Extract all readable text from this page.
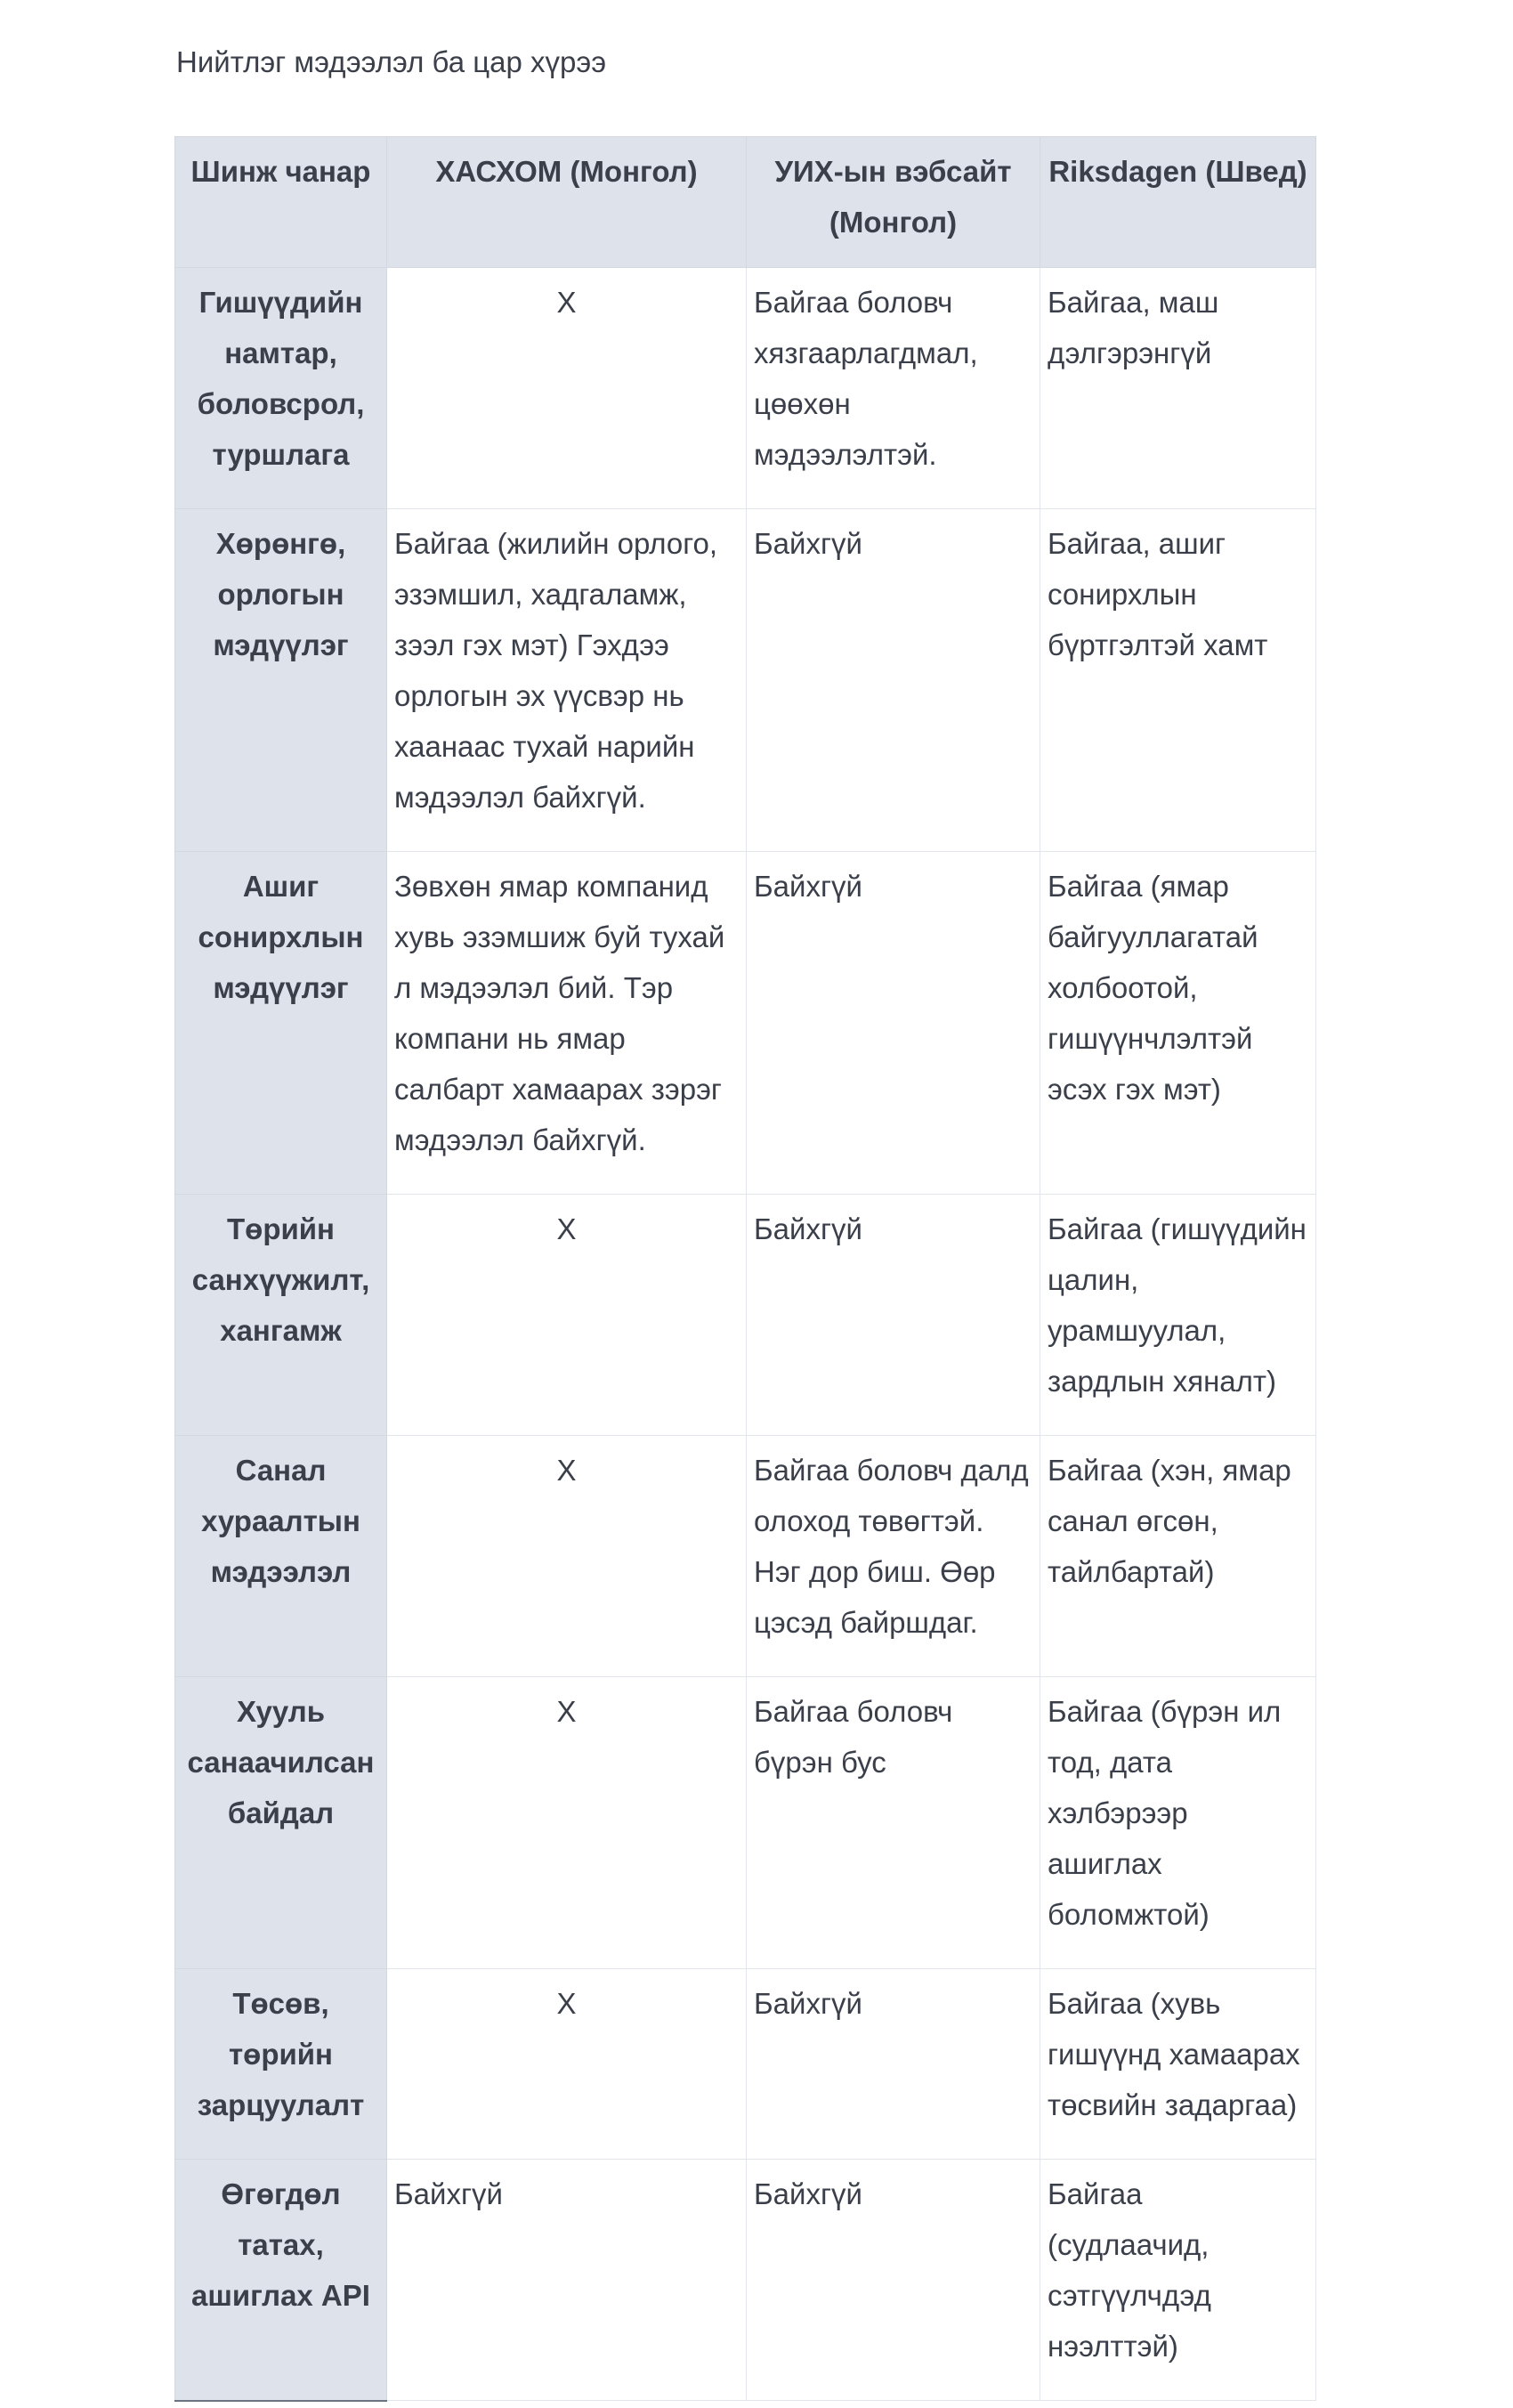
Нийтлэг мэдээлэл ба цар хүрээ
Шинж чанар	ХАСХОМ (Монгол)	УИХ-ын вэбсайт (Монгол)	Riksdagen (Швед)
Гишүүдийн намтар, боловсрол, туршлага	X	Байгаа боловч хязгаарлагдмал, цөөхөн мэдээлэлтэй.	Байгаа, маш дэлгэрэнгүй
Хөрөнгө, орлогын мэдүүлэг	Байгаа (жилийн орлого, эзэмшил, хадгаламж, зээл гэх мэт) Гэхдээ орлогын эх үүсвэр нь хаанаас тухай нарийн мэдээлэл байхгүй.	Байхгүй	Байгаа, ашиг сонирхлын бүртгэлтэй хамт
Ашиг сонирхлын мэдүүлэг	Зөвхөн ямар компанид хувь эзэмшиж буй тухай л мэдээлэл бий. Тэр компани нь ямар салбарт хамаарах зэрэг мэдээлэл байхгүй.	Байхгүй	Байгаа (ямар байгууллагатай холбоотой, гишүүнчлэлтэй эсэх гэх мэт)
Төрийн санхүүжилт, хангамж	X	Байхгүй	Байгаа (гишүүдийн цалин, урамшуулал, зардлын хяналт)
Санал хураалтын мэдээлэл	X	Байгаа боловч далд олоход төвөгтэй. Нэг дор биш. Өөр цэсэд байршдаг.	Байгаа (хэн, ямар санал өгсөн, тайлбартай)
Хууль санаачилсан байдал	X	Байгаа боловч бүрэн бус	Байгаа (бүрэн ил тод, дата хэлбэрээр ашиглах боломжтой)
Төсөв, төрийн зарцуулалт	X	Байхгүй	Байгаа (хувь гишүүнд хамаарах төсвийн задаргаа)
Өгөгдөл татах, ашиглах API	Байхгүй	Байхгүй	Байгаа (судлаачид, сэтгүүлчдэд нээлттэй)
